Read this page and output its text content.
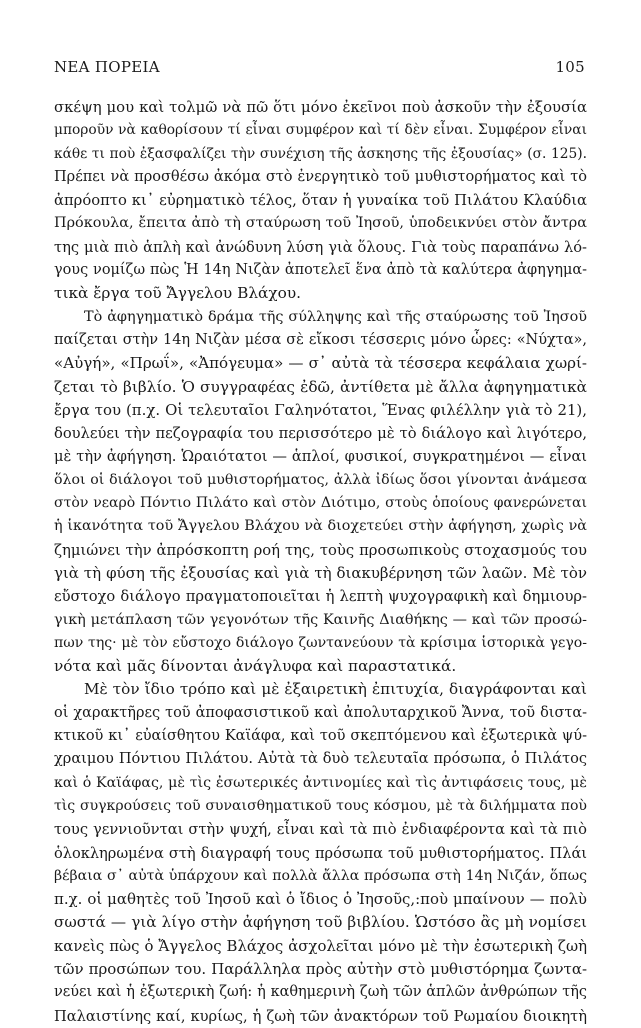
ΝΕΑ ΠΟΡΕΙΑ	105
σκέψη μου καὶ τολμῶ νὰ πῶ ὅτι μόνο ἐκεῖνοι ποὺ ἀσκοῦν τὴν ἐξουσία
μποροῦν νὰ καθορίσουν τί εἶναι συμφέρον καὶ τί δὲν εἶναι. Συμφέρον εἶναι
κάθε τι ποὺ ἐξασφαλίζει τὴν συνέχιση τῆς ἀσκησης τῆς ἐξουσίας» (σ. 125).
Πρέπει νὰ προσθέσω ἀκόμα στὸ ἐνεργητικὸ τοῦ μυθιστορήματος καὶ τὸ
ἀπρόοπτο κι᾽ εὐρηματικὸ τέλος, ὅταν ἡ γυναίκα τοῦ Πιλάτου Κλαύδια
Πρόκουλα, ἔπειτα ἀπὸ τὴ σταύρωση τοῦ Ἰησοῦ, ὑποδεικνύει στὸν ἄντρα
της μιὰ πιὸ ἁπλὴ καὶ ἀνώδυνη λύση γιὰ ὅλους. Γιὰ τοὺς παραπάνω λό-
γους νομίζω πὼς Ἡ 14η Νιζὰν ἀποτελεῖ ἕνα ἀπὸ τὰ καλύτερα ἀφηγημα-
τικὰ ἔργα τοῦ Ἄγγελου Βλάχου.
Τὸ ἀφηγηματικὸ δράμα τῆς σύλληψης καὶ τῆς σταύρωσης τοῦ Ἰησοῦ
παίζεται στὴν 14η Νιζὰν μέσα σὲ εἴκοσι τέσσερις μόνο ὧρες: «Νύχτα»,
«Αὐγή», «Πρωΐ», «Ἀπόγευμα» — σ᾽ αὐτὰ τὰ τέσσερα κεφάλαια χωρί-
ζεται τὸ βιβλίο. Ὁ συγγραφέας ἐδῶ, ἀντίθετα μὲ ἄλλα ἀφηγηματικὰ
ἔργα του (π.χ. Οἱ τελευταῖοι Γαληνότατοι, Ἕνας φιλέλλην γιὰ τὸ 21),
δουλεύει τὴν πεζογραφία του περισσότερο μὲ τὸ διάλογο καὶ λιγότερο,
μὲ τὴν ἀφήγηση. Ὡραιότατοι — ἁπλοί, φυσικοί, συγκρατημένοι — εἶναι
ὅλοι οἱ διάλογοι τοῦ μυθιστορήματος, ἀλλὰ ἰδίως ὅσοι γίνονται ἀνάμεσα
στὸν νεαρὸ Πόντιο Πιλάτο καὶ στὸν Διότιμο, στοὺς ὁποίους φανερώνεται
ἡ ἱκανότητα τοῦ Ἄγγελου Βλάχου νὰ διοχετεύει στὴν ἀφήγηση, χωρὶς νὰ
ζημιώνει τὴν ἀπρόσκοπτη ροή της, τοὺς προσωπικοὺς στοχασμούς του
γιὰ τὴ φύση τῆς ἐξουσίας καὶ γιὰ τὴ διακυβέρνηση τῶν λαῶν. Μὲ τὸν
εὔστοχο διάλογο πραγματοποιεῖται ἡ λεπτὴ ψυχογραφικὴ καὶ δημιουρ-
γικὴ μετάπλαση τῶν γεγονότων τῆς Καινῆς Διαθήκης — καὶ τῶν προσώ-
πων της· μὲ τὸν εὔστοχο διάλογο ζωντανεύουν τὰ κρίσιμα ἱστορικὰ γεγο-
νότα καὶ μᾶς δίνονται ἀνάγλυφα καὶ παραστατικά.
Μὲ τὸν ἴδιο τρόπο καὶ μὲ ἐξαιρετικὴ ἐπιτυχία, διαγράφονται καὶ
οἱ χαρακτῆρες τοῦ ἀποφασιστικοῦ καὶ ἀπολυταρχικοῦ Ἄννα, τοῦ διστα-
κτικοῦ κι᾽ εὐαίσθητου Καϊάφα, καὶ τοῦ σκεπτόμενου καὶ ἐξωτερικὰ ψύ-
χραιμου Πόντιου Πιλάτου. Αὐτὰ τὰ δυὸ τελευταῖα πρόσωπα, ὁ Πιλάτος
καὶ ὁ Καϊάφας, μὲ τὶς ἐσωτερικές ἀντινομίες καὶ τὶς ἀντιφάσεις τους, μὲ
τὶς συγκρούσεις τοῦ συναισθηματικοῦ τους κόσμου, μὲ τὰ διλήμματα ποὺ
τους γεννιοῦνται στὴν ψυχή, εἶναι καὶ τὰ πιὸ ἐνδιαφέροντα καὶ τὰ πιὸ
ὁλοκληρωμένα στὴ διαγραφή τους πρόσωπα τοῦ μυθιστορήματος. Πλάι
βέβαια σ᾽ αὐτὰ ὑπάρχουν καὶ πολλὰ ἄλλα πρόσωπα στὴ 14η Νιζάν, ὅπως
π.χ. οἱ μαθητὲς τοῦ Ἰησοῦ καὶ ὁ ἴδιος ὁ Ἰησοῦς,:ποὺ μπαίνουν — πολὺ
σωστά — γιὰ λίγο στὴν ἀφήγηση τοῦ βιβλίου. Ὡστόσο ἂς μὴ νομίσει
κανεὶς πὼς ὁ Ἄγγελος Βλάχος ἀσχολεῖται μόνο μὲ τὴν ἐσωτερικὴ ζωὴ
τῶν προσώπων του. Παράλληλα πρὸς αὐτὴν στὸ μυθιστόρημα ζωντα-
νεύει καὶ ἡ ἐξωτερικὴ ζωή: ἡ καθημερινὴ ζωὴ τῶν ἁπλῶν ἀνθρώπων τῆς
Παλαιστίνης καί, κυρίως, ἡ ζωὴ τῶν ἀνακτόρων τοῦ Ρωμαίου διοικητὴ
